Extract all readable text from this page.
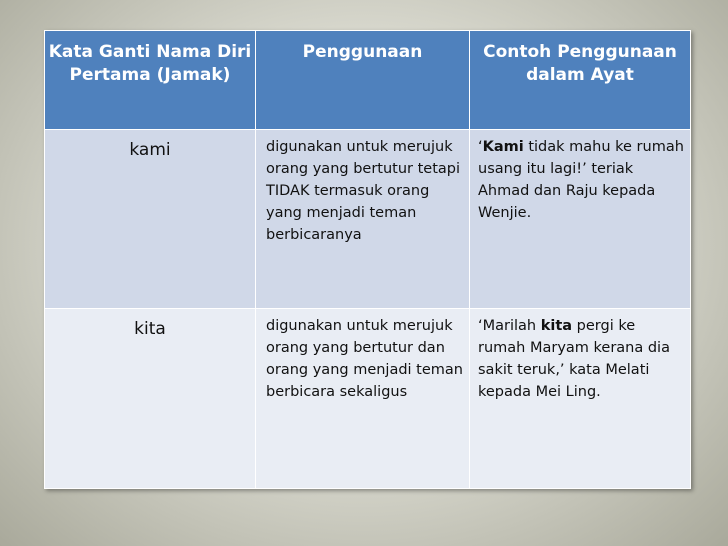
Kata Ganti Nama Diri Pertama (Jamak)	Penggunaan	Contoh Penggunaan dalam Ayat

kami	digunakan untuk merujuk orang yang bertutur tetapi TIDAK termasuk orang yang menjadi teman berbicaranya	‘Kami tidak mahu ke rumah usang itu lagi!’ teriak Ahmad dan Raju kepada Wenjie.

kita	digunakan untuk merujuk orang yang bertutur dan orang yang menjadi teman berbicara sekaligus	‘Marilah kita pergi ke rumah Maryam kerana dia sakit teruk,’ kata Melati kepada Mei Ling.
